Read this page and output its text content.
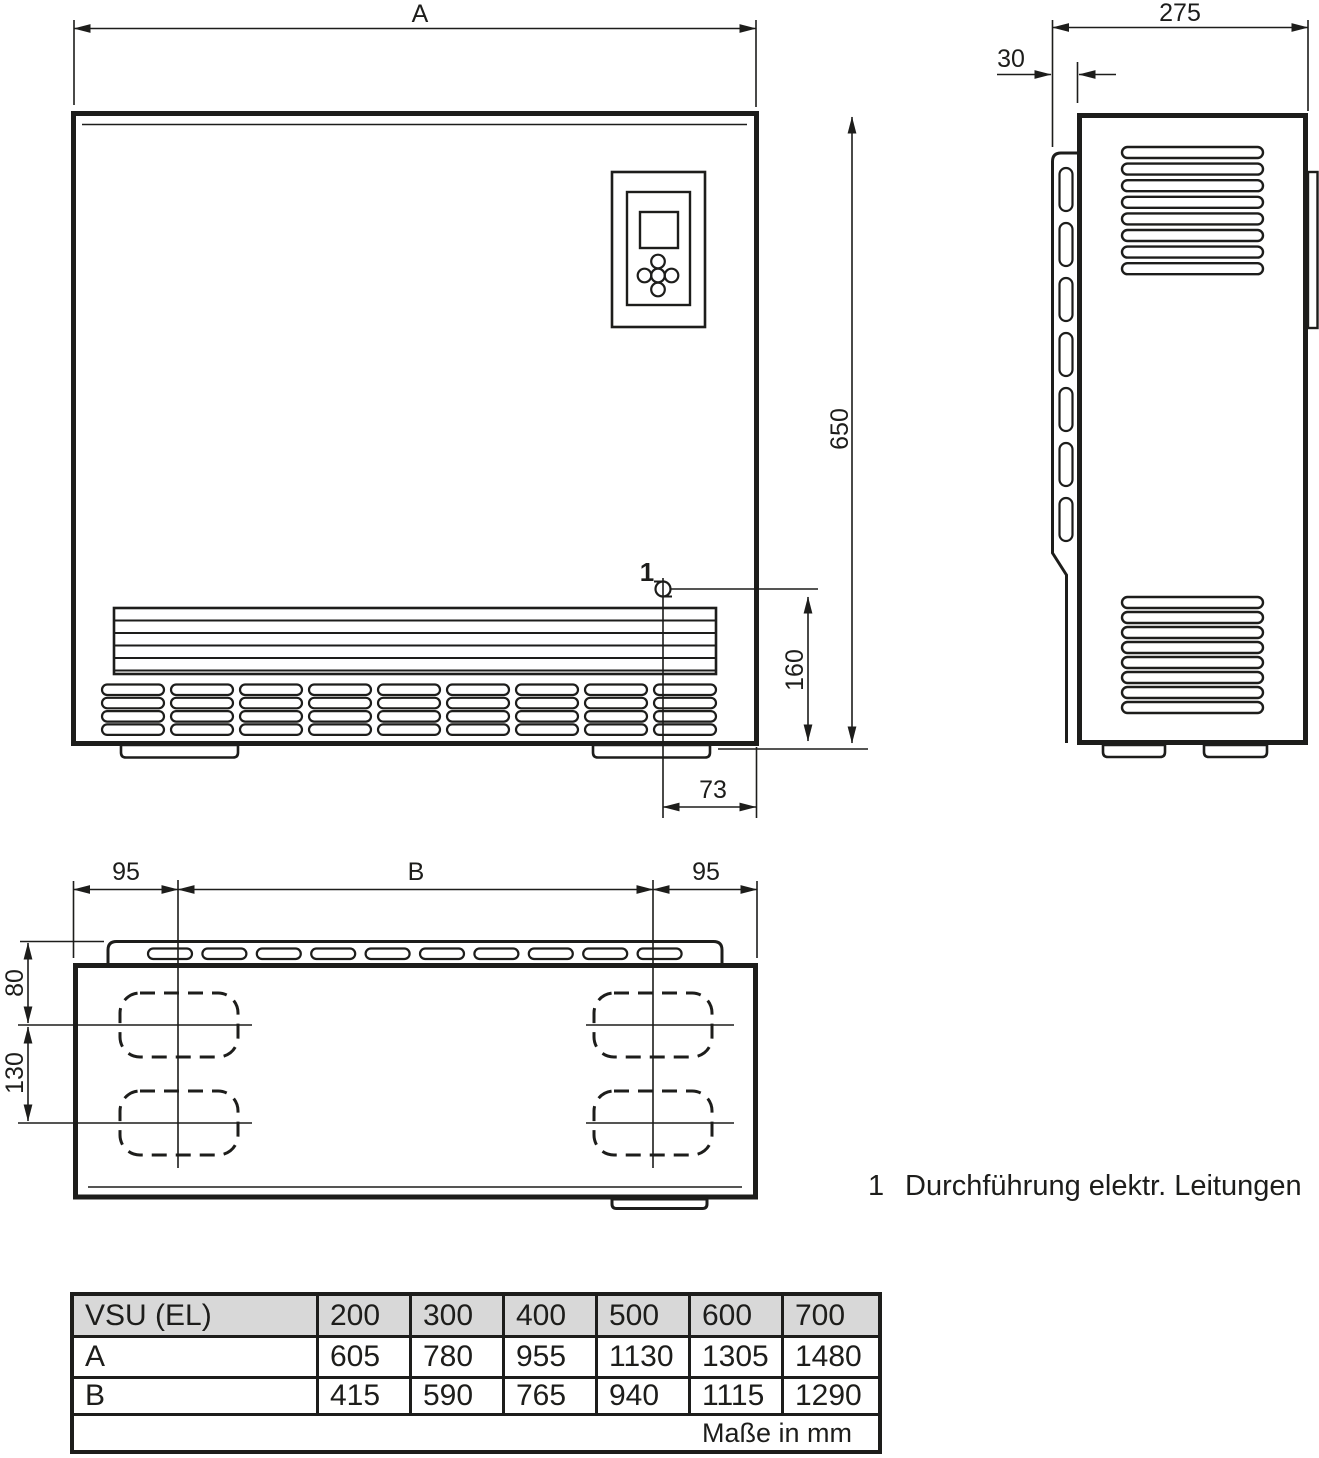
1
A
650
160
73
275
30
95	B	95
80
130
1 Durchführung elektr. Leitungen
VSU (EL)	200	300	400	500	600	700
A	605	780	955	1130	1305	1480
B	415	590	765	940	1115	1290
Maße in mm						
